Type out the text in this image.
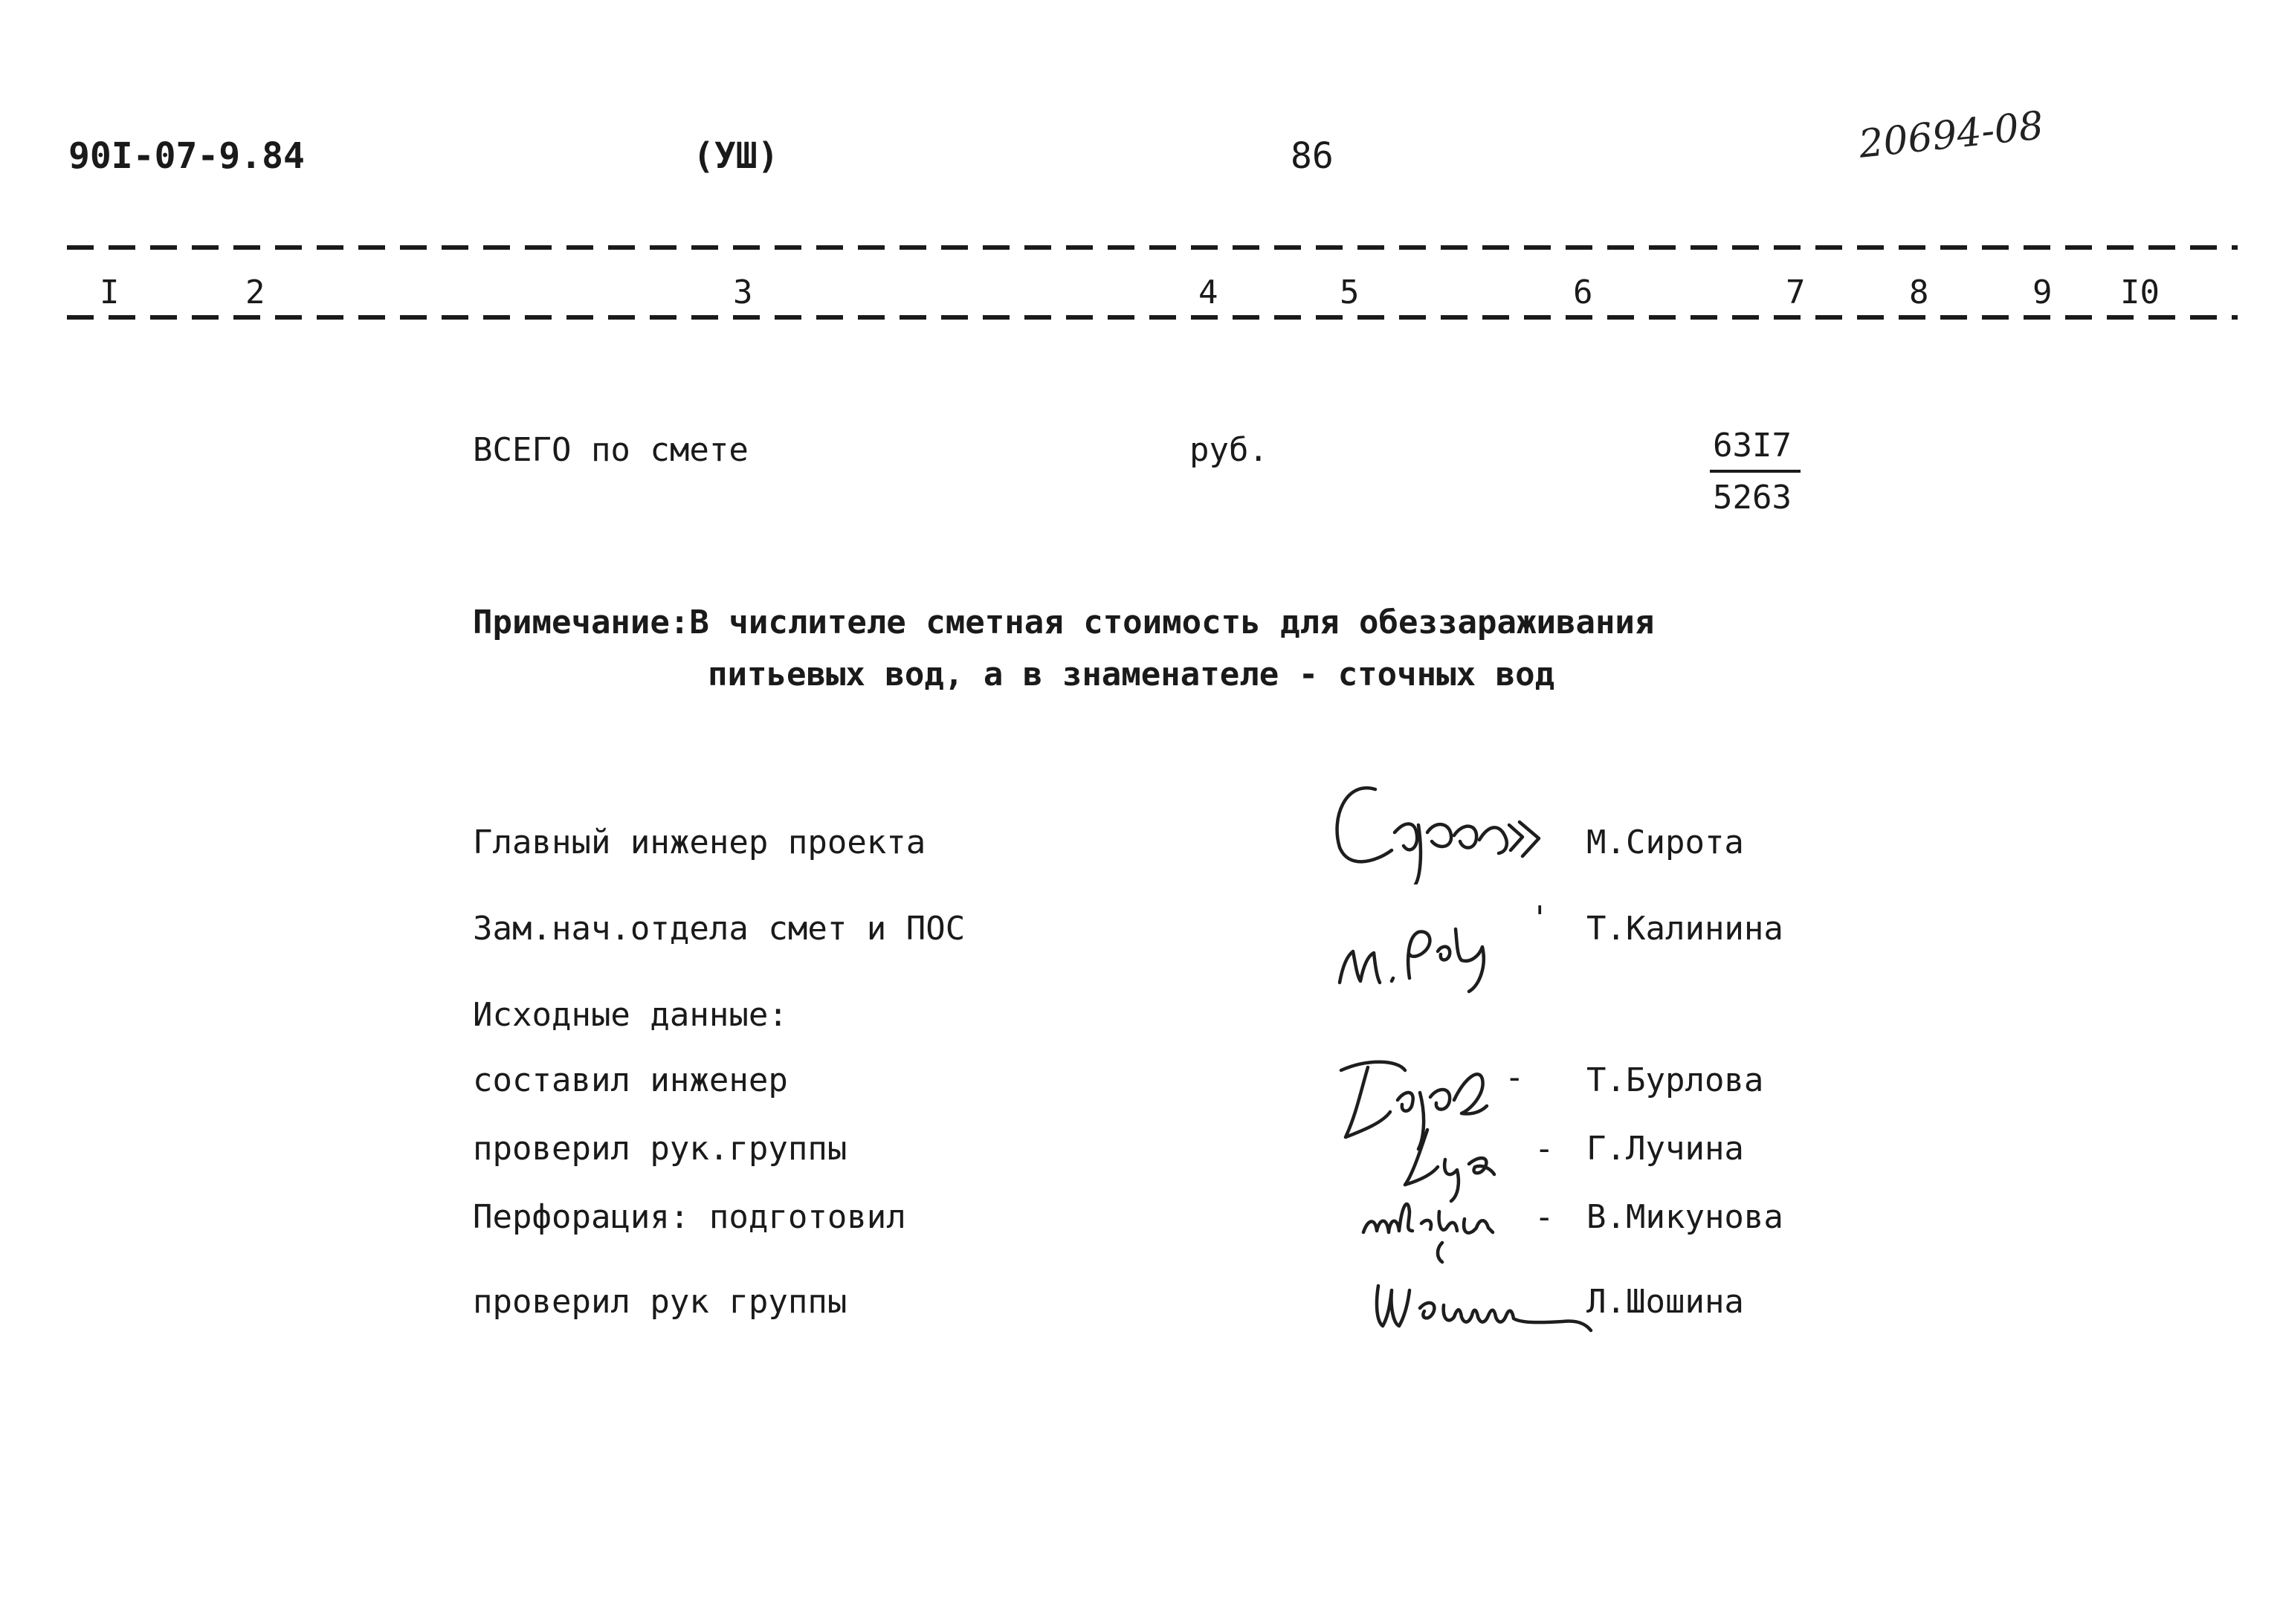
90I-07-9.84	(УШ)	86	20694-08
I	2	3	4	5	6	7	8	9 I0
ВСЕГО по смете	руб.	63I7
5263
Примечание:В числителе сметная стоимость для обеззараживания
питьевых вод, а в знаменателе - сточных вод
Главный инженер проекта	М.Сирота
Зам.нач.отдела смет и ПОС	' Т.Калинина
Исходные данные:
составил инженер	- Т.Бурлова
проверил рук.группы	- Г.Лучина
Перфорация: подготовил	- В.Микунова
проверил рук группы	Л.Шошина
